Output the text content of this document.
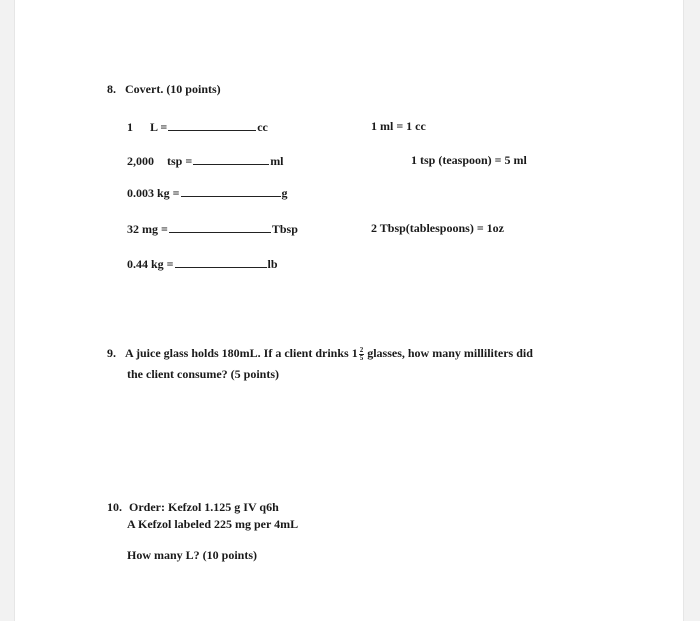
8. Covert. (10 points)
1 L =	cc	1 ml = 1 cc
2,000 tsp =	ml	1 tsp (teaspoon) = 5 ml
0.003 kg =	g
32 mg =	Tbsp	2 Tbsp(tablespoons) = 1oz
0.44 kg =	lb
9. A juice glass holds 180mL. If a client drinks $1 \frac{2}{5}$ glasses, how many milliliters did
the client consume? (5 points)
10. Order: Kefzol 1.125 g IV q6h
A Kefzol labeled 225 mg per 4mL
How many L? (10 points)
